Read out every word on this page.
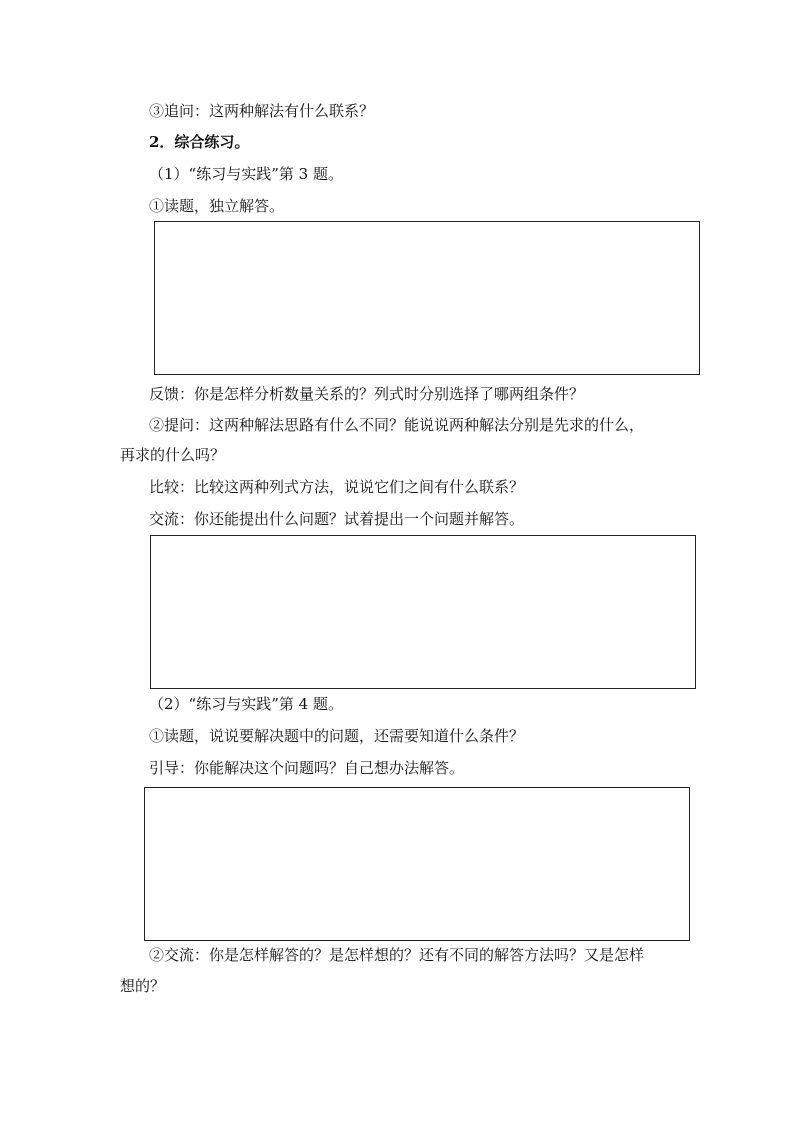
③追问：这两种解法有什么联系？
2．综合练习。
（1）“练习与实践”第 3 题。
①读题，独立解答。
反馈：你是怎样分析数量关系的？列式时分别选择了哪两组条件？
②提问：这两种解法思路有什么不同？能说说两种解法分别是先求的什么，
再求的什么吗？
比较：比较这两种列式方法，说说它们之间有什么联系？
交流：你还能提出什么问题？试着提出一个问题并解答。
（2）“练习与实践”第 4 题。
①读题，说说要解决题中的问题，还需要知道什么条件？
引导：你能解决这个问题吗？自己想办法解答。
②交流：你是怎样解答的？是怎样想的？还有不同的解答方法吗？又是怎样
想的？
